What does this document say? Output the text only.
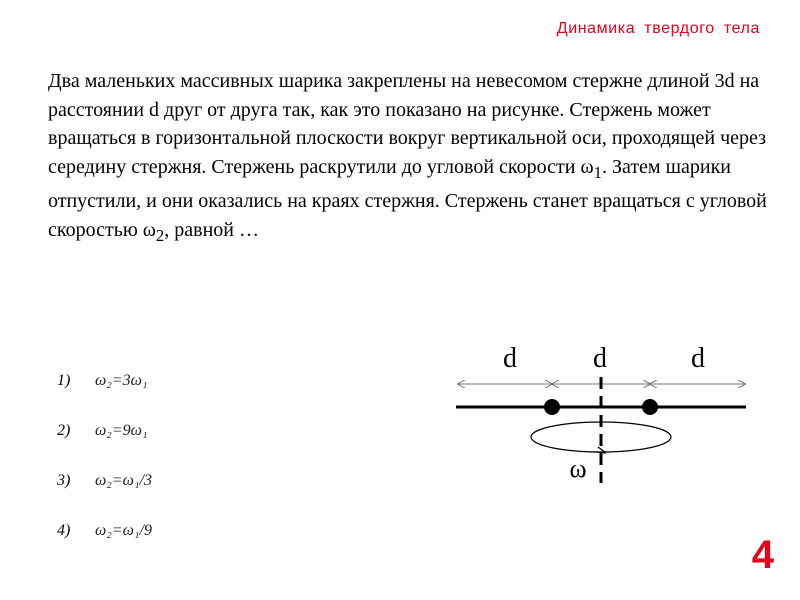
Динамика твердого тела

Два маленьких массивных шарика закреплены на невесомом стержне длиной 3d на расстоянии d друг от друга так, как это показано на рисунке. Стержень может вращаться в горизонтальной плоскости вокруг вертикальной оси, проходящей через середину стержня. Стержень раскрутили до угловой скорости $\omega_1$. Затем шарики отпустили, и они оказались на краях стержня. Стержень станет вращаться с угловой скоростью $\omega_2$, равной …

1)	ω₂=3ω₁
2)	ω₂=9ω₁
3)	ω₂=ω₁/3
4)	ω₂=ω₁/9
d	d	d
ω
4
